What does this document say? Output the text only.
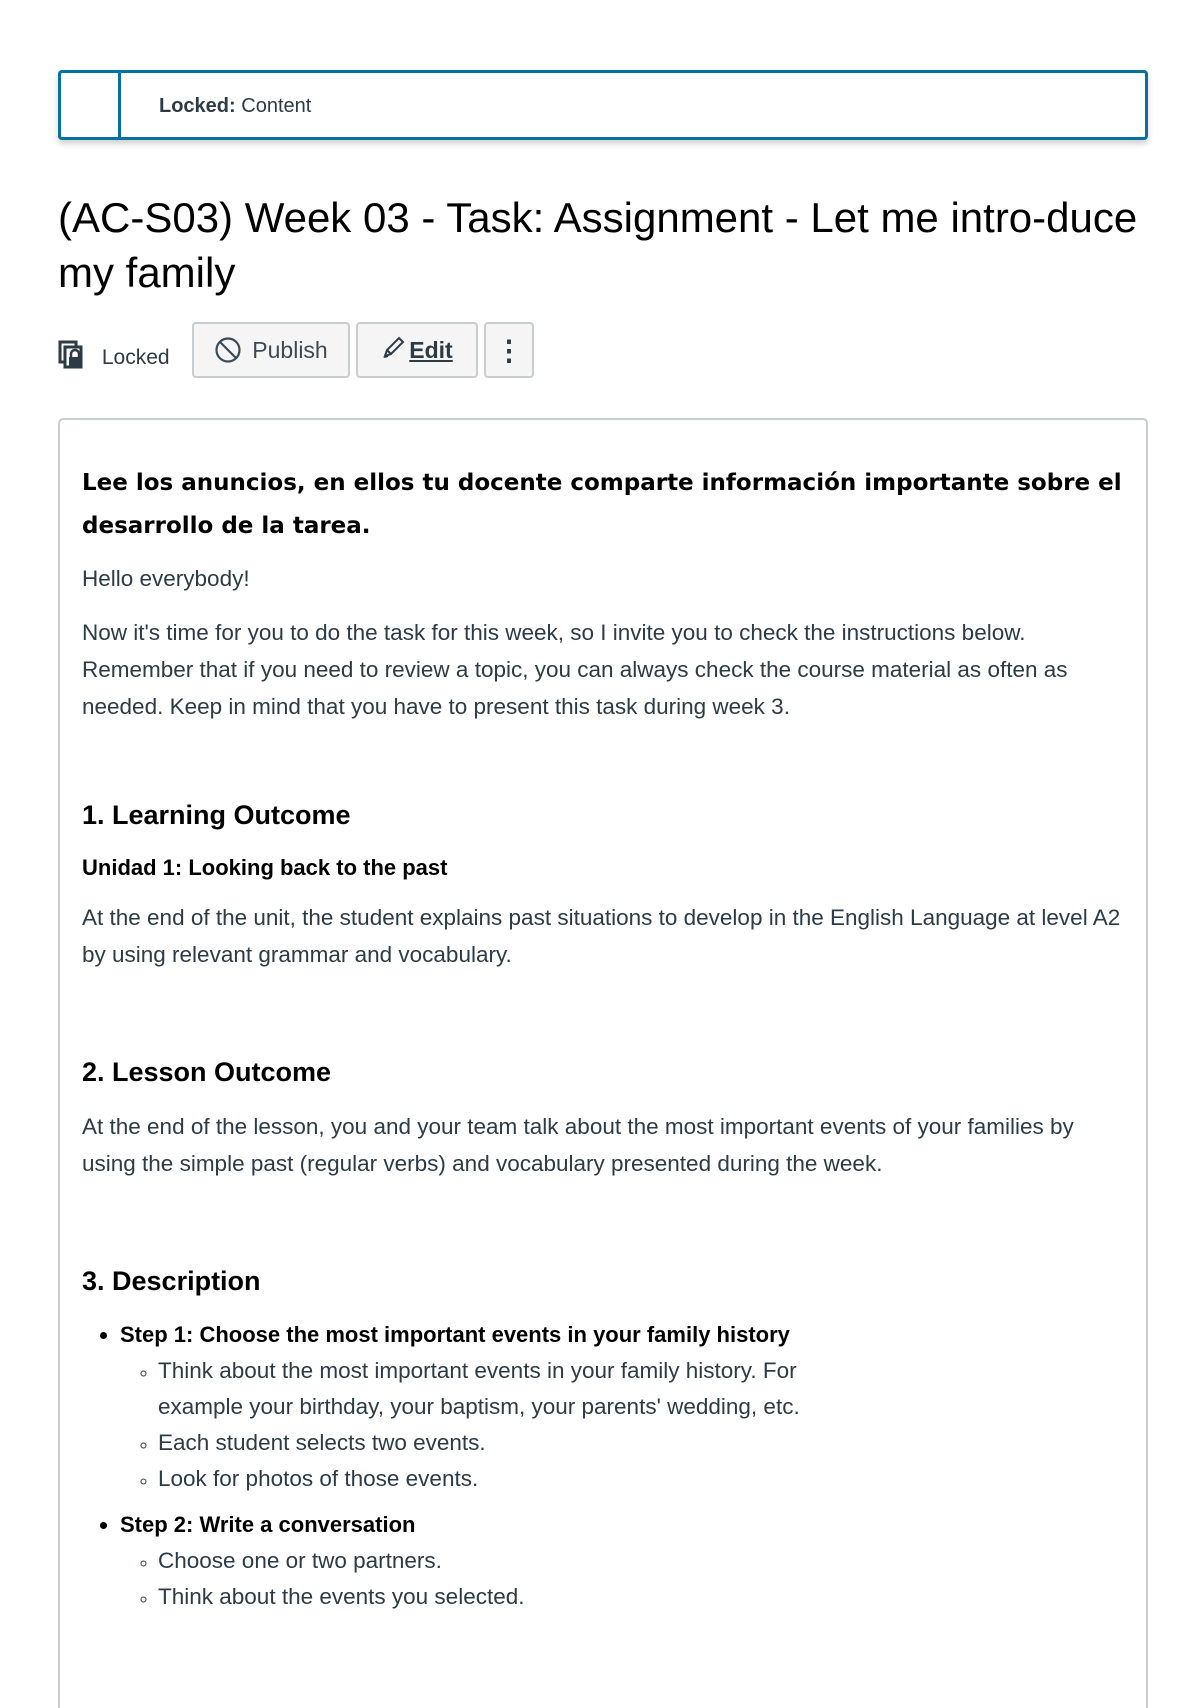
Locked: Content
(AC-S03) Week 03 - Task: Assignment - Let me intro-duce my family
Locked	Publish	Edit ⋮

Lee los anuncios, en ellos tu docente comparte información importante sobre el desarrollo de la tarea.

Hello everybody!

Now it's time for you to do the task for this week, so I invite you to check the instructions below. Remember that if you need to review a topic, you can always check the course material as often as needed. Keep in mind that you have to present this task during week 3.

1. Learning Outcome
Unidad 1: Looking back to the past

At the end of the unit, the student explains past situations to develop in the English Language at level A2 by using relevant grammar and vocabulary.

2. Lesson Outcome

At the end of the lesson, you and your team talk about the most important events of your families by using the simple past (regular verbs) and vocabulary presented during the week.

3. Description
• Step 1: Choose the most important events in your family history
◦ Think about the most important events in your family history. For example your birthday, your baptism, your parents' wedding, etc.
◦ Each student selects two events.
◦ Look for photos of those events.
• Step 2: Write a conversation
◦ Choose one or two partners.
◦ Think about the events you selected.
